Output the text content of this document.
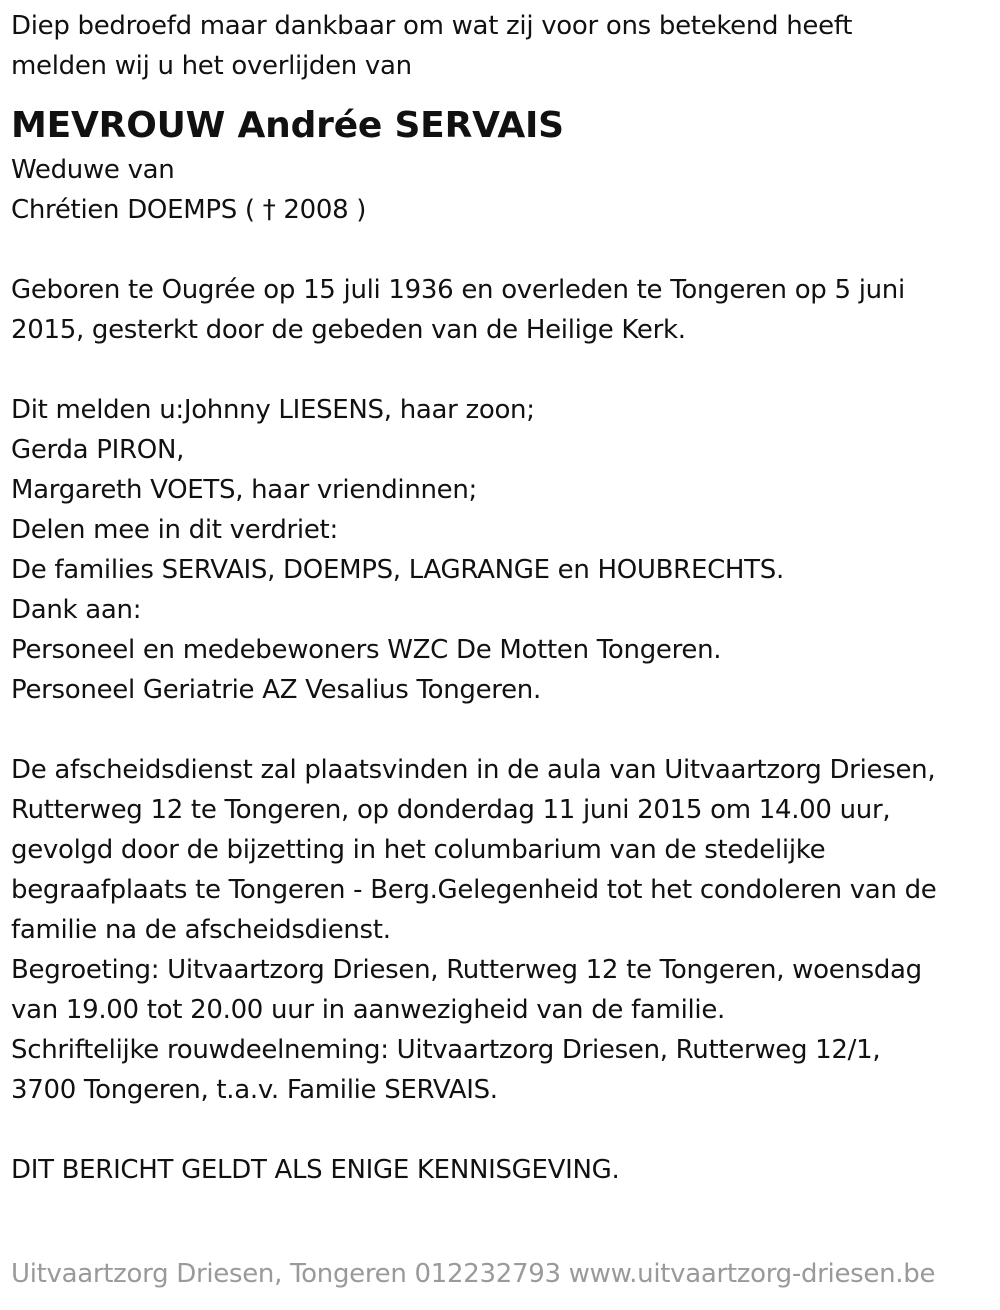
Diep bedroefd maar dankbaar om wat zij voor ons betekend heeft
melden wij u het overlijden van
MEVROUW Andrée SERVAIS
Weduwe van
Chrétien DOEMPS ( † 2008 )
Geboren te Ougrée op 15 juli 1936 en overleden te Tongeren op 5 juni
2015, gesterkt door de gebeden van de Heilige Kerk.
Dit melden u:Johnny LIESENS, haar zoon;
Gerda PIRON,
Margareth VOETS, haar vriendinnen;
Delen mee in dit verdriet:
De families SERVAIS, DOEMPS, LAGRANGE en HOUBRECHTS.
Dank aan:
Personeel en medebewoners WZC De Motten Tongeren.
Personeel Geriatrie AZ Vesalius Tongeren.
De afscheidsdienst zal plaatsvinden in de aula van Uitvaartzorg Driesen,
Rutterweg 12 te Tongeren, op donderdag 11 juni 2015 om 14.00 uur,
gevolgd door de bijzetting in het columbarium van de stedelijke
begraafplaats te Tongeren - Berg.Gelegenheid tot het condoleren van de
familie na de afscheidsdienst.
Begroeting: Uitvaartzorg Driesen, Rutterweg 12 te Tongeren, woensdag
van 19.00 tot 20.00 uur in aanwezigheid van de familie.
Schriftelijke rouwdeelneming: Uitvaartzorg Driesen, Rutterweg 12/1,
3700 Tongeren, t.a.v. Familie SERVAIS.
DIT BERICHT GELDT ALS ENIGE KENNISGEVING.
Uitvaartzorg Driesen, Tongeren 012232793 www.uitvaartzorg-driesen.be
